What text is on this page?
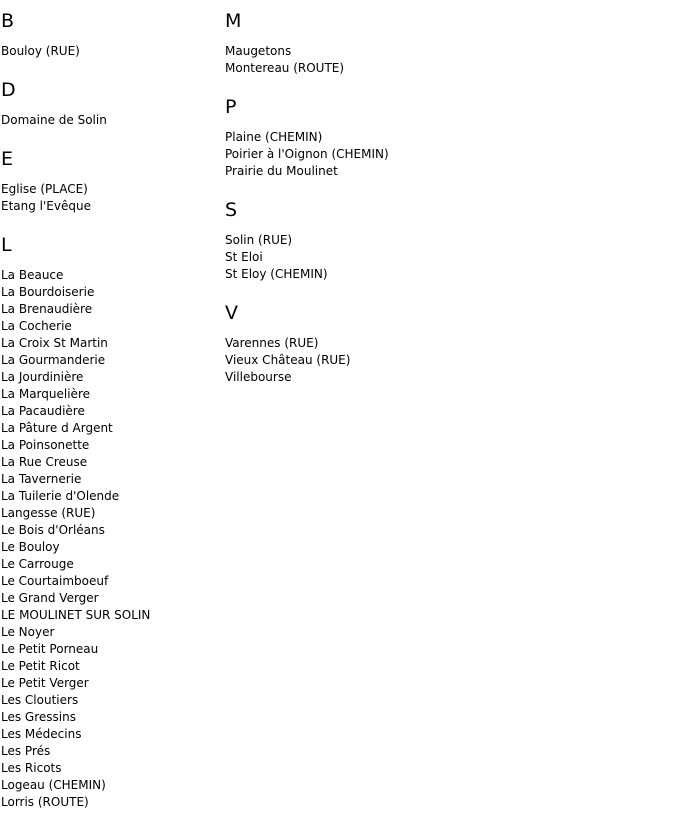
B
Bouloy (RUE)
D
Domaine de Solin
E
Eglise (PLACE)
Etang l'Evêque
L
La Beauce
La Bourdoiserie
La Brenaudière
La Cocherie
La Croix St Martin
La Gourmanderie
La Jourdinière
La Marquelière
La Pacaudière
La Pâture d Argent
La Poinsonette
La Rue Creuse
La Tavernerie
La Tuilerie d'Olende
Langesse (RUE)
Le Bois d'Orléans
Le Bouloy
Le Carrouge
Le Courtaimboeuf
Le Grand Verger
LE MOULINET SUR SOLIN
Le Noyer
Le Petit Porneau
Le Petit Ricot
Le Petit Verger
Les Cloutiers
Les Gressins
Les Médecins
Les Prés
Les Ricots
Logeau (CHEMIN)
Lorris (ROUTE)
M
Maugetons
Montereau (ROUTE)
P
Plaine (CHEMIN)
Poirier à l'Oignon (CHEMIN)
Prairie du Moulinet
S
Solin (RUE)
St Eloi
St Eloy (CHEMIN)
V
Varennes (RUE)
Vieux Château (RUE)
Villebourse
